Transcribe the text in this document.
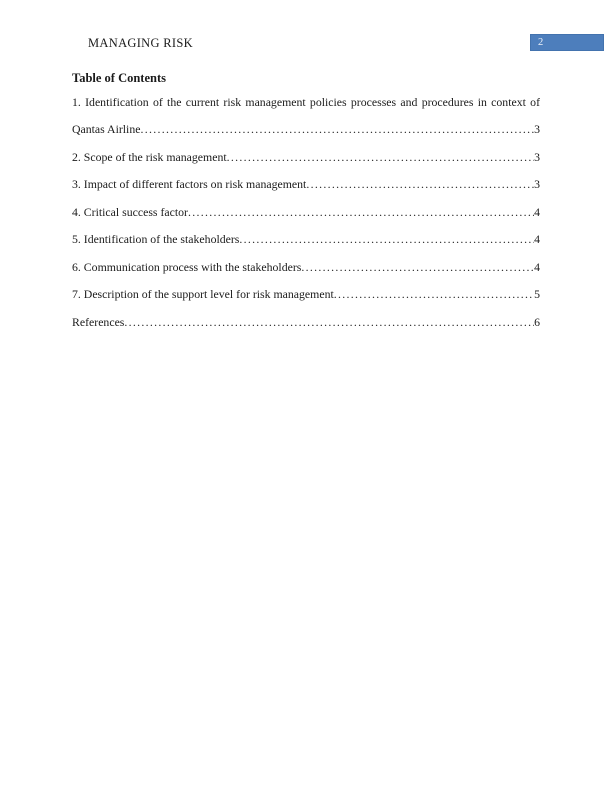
MANAGING RISK	2
Table of Contents
1. Identification of the current risk management policies processes and procedures in context of
Qantas Airline .....	3
2. Scope of the risk management .....	3
3. Impact of different factors on risk management .....	3
4. Critical success factor .....	4
5. Identification of the stakeholders .....	4
6. Communication process with the stakeholders .....	4
7. Description of the support level for risk management .....	5
References .....	6
